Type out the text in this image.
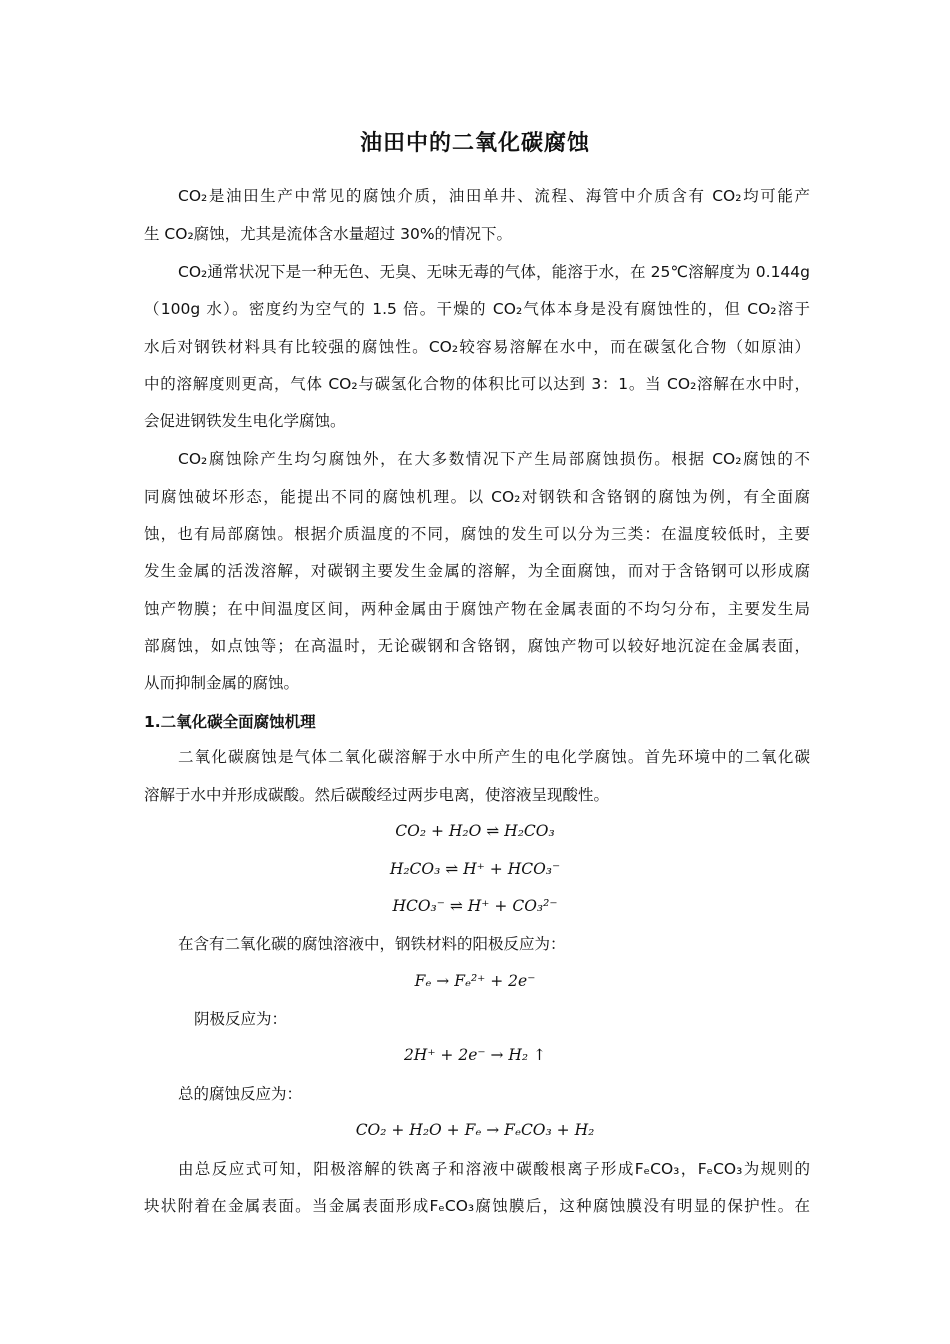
油田中的二氧化碳腐蚀
CO₂是油田生产中常见的腐蚀介质，油田单井、流程、海管中介质含有 CO₂均可能产
生 CO₂腐蚀，尤其是流体含水量超过 30%的情况下。
CO₂通常状况下是一种无色、无臭、无味无毒的气体，能溶于水，在 25℃溶解度为 0.144g
（100g 水）。密度约为空气的 1.5 倍。干燥的 CO₂气体本身是没有腐蚀性的，但 CO₂溶于
水后对钢铁材料具有比较强的腐蚀性。CO₂较容易溶解在水中，而在碳氢化合物（如原油）
中的溶解度则更高，气体 CO₂与碳氢化合物的体积比可以达到 3：1。当 CO₂溶解在水中时，
会促进钢铁发生电化学腐蚀。
CO₂腐蚀除产生均匀腐蚀外，在大多数情况下产生局部腐蚀损伤。根据 CO₂腐蚀的不
同腐蚀破坏形态，能提出不同的腐蚀机理。以 CO₂对钢铁和含铬钢的腐蚀为例，有全面腐
蚀，也有局部腐蚀。根据介质温度的不同，腐蚀的发生可以分为三类：在温度较低时，主要
发生金属的活泼溶解，对碳钢主要发生金属的溶解，为全面腐蚀，而对于含铬钢可以形成腐
蚀产物膜；在中间温度区间，两种金属由于腐蚀产物在金属表面的不均匀分布，主要发生局
部腐蚀，如点蚀等；在高温时，无论碳钢和含铬钢，腐蚀产物可以较好地沉淀在金属表面，
从而抑制金属的腐蚀。
1.二氧化碳全面腐蚀机理
二氧化碳腐蚀是气体二氧化碳溶解于水中所产生的电化学腐蚀。首先环境中的二氧化碳
溶解于水中并形成碳酸。然后碳酸经过两步电离，使溶液呈现酸性。
CO₂ + H₂O ⇌ H₂CO₃
H₂CO₃ ⇌ H⁺ + HCO₃⁻
HCO₃⁻ ⇌ H⁺ + CO₃²⁻
在含有二氧化碳的腐蚀溶液中，钢铁材料的阳极反应为：
Fₑ → Fₑ²⁺ + 2e⁻
阴极反应为：
2H⁺ + 2e⁻ → H₂ ↑
总的腐蚀反应为：
CO₂ + H₂O + Fₑ → FₑCO₃ + H₂
由总反应式可知，阳极溶解的铁离子和溶液中碳酸根离子形成FₑCO₃，FₑCO₃为规则的
块状附着在金属表面。当金属表面形成FₑCO₃腐蚀膜后，这种腐蚀膜没有明显的保护性。在
